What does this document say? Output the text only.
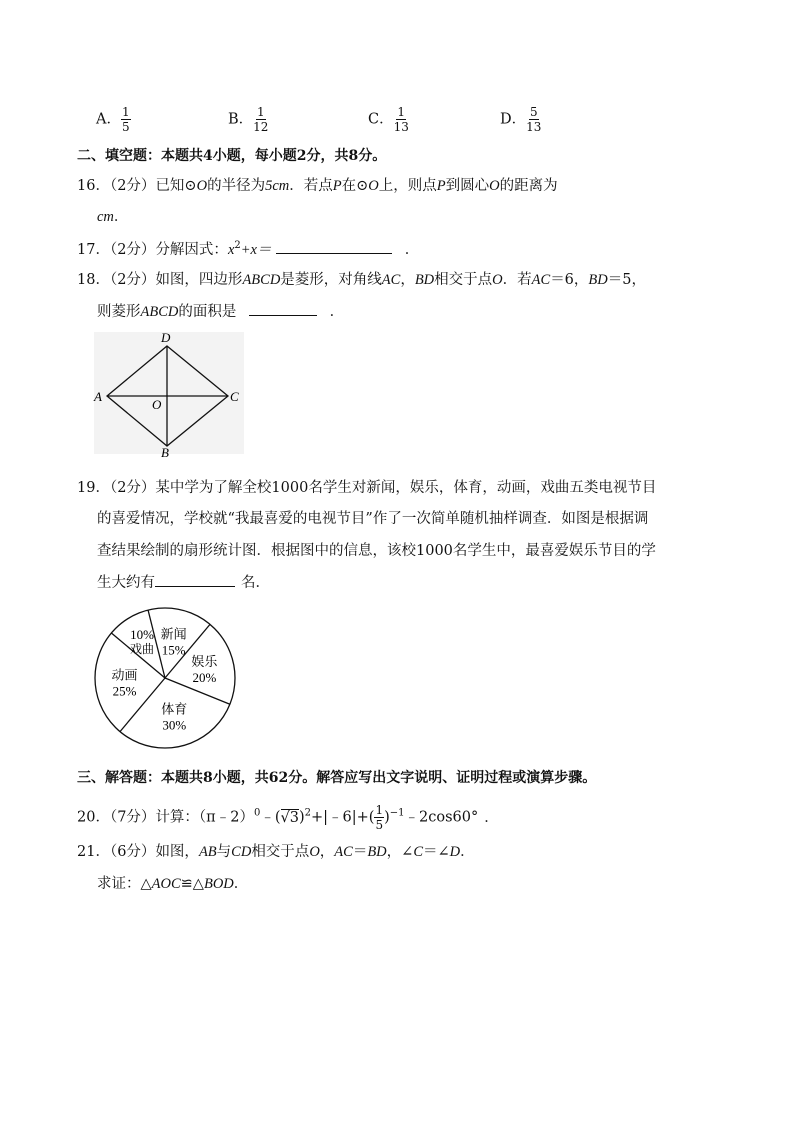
A． $\frac{1}{5}$	B． $\frac{1}{12}$	C． $\frac{1}{13}$	D． $\frac{5}{13}$
二、填空题：本题共4小题，每小题2分，共8分。
16．（2分）已知⊙O的半径为5cm．若点P在⊙O上，则点P到圆心O的距离为
cm．
17．（2分）分解因式：$x^2+x=$	．
18．（2分）如图，四边形ABCD是菱形，对角线AC，BD相交于点O．若AC＝6，BD＝5，
则菱形ABCD的面积是	．
D
A	C
O
B
19．（2分）某中学为了解全校1000名学生对新闻，娱乐，体育，动画，戏曲五类电视节目
的喜爱情况，学校就“我最喜爱的电视节目”作了一次简单随机抽样调查．如图是根据调
查结果绘制的扇形统计图．根据图中的信息，该校1000名学生中，最喜爱娱乐节目的学
生大约有	名．
戏曲
10% 新闻
15%
娱乐
20%
体育
30%
动画
25%
三、解答题：本题共8小题，共62分。解答应写出文字说明、证明过程或演算步骤。
20．（7分）计算：$(\pi﹣2)^0﹣(√3)^2+|﹣6|+( \frac{1}{5}$ )$^{-1}$﹣2cos60° ．
21．（6分）如图，AB与CD相交于点O，AC＝BD，∠C＝∠D．
求证：△AOC≌△BOD．
